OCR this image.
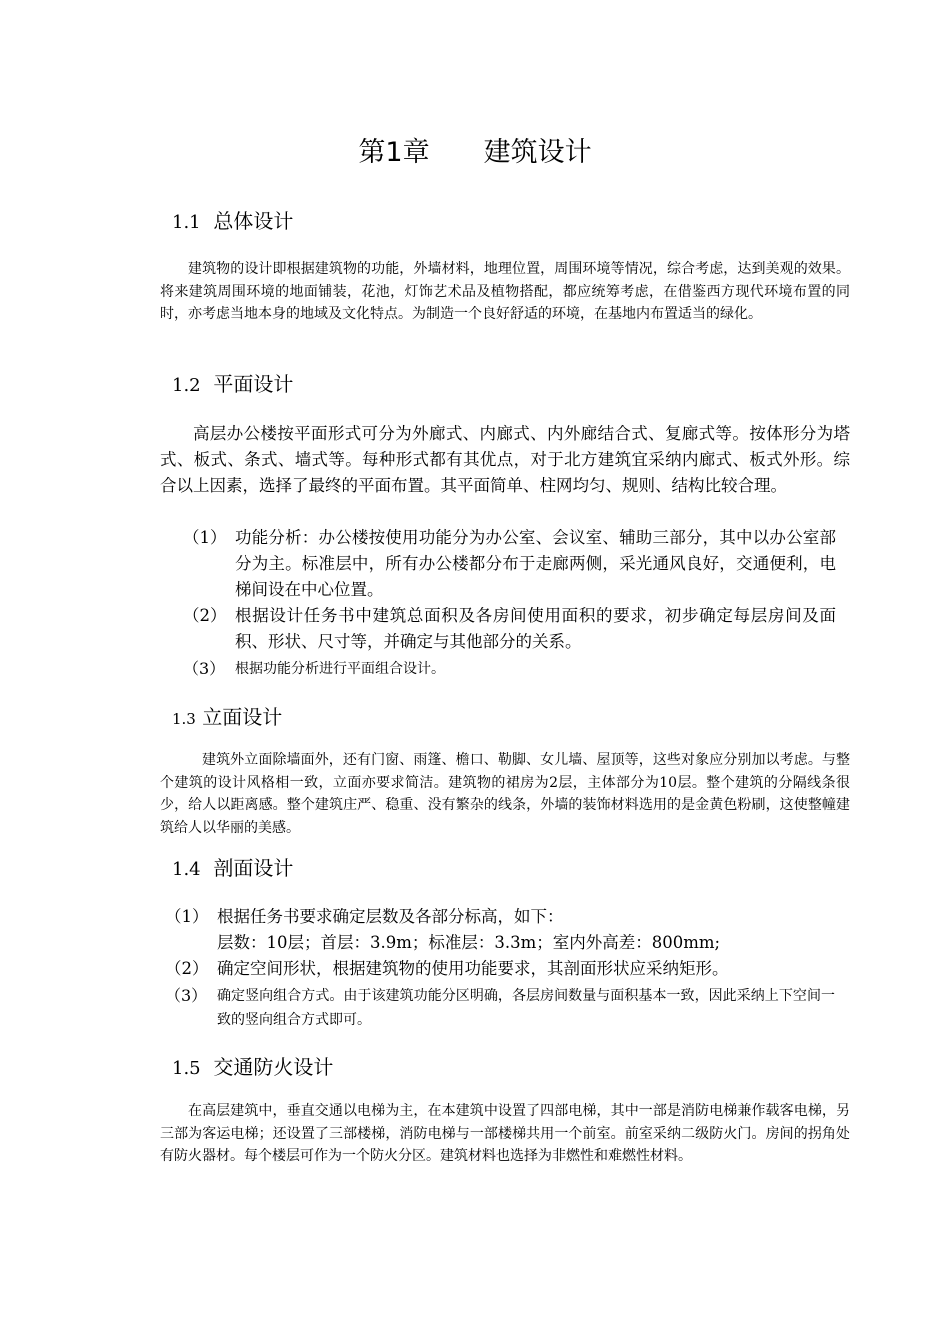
第1章　　建筑设计
1.1 总体设计
建筑物的设计即根据建筑物的功能，外墙材料，地理位置，周围环境等情况，综合考虑，达到美观的效果。将来建筑周围环境的地面铺装，花池，灯饰艺术品及植物搭配，都应统筹考虑，在借鉴西方现代环境布置的同时，亦考虑当地本身的地域及文化特点。为制造一个良好舒适的环境，在基地内布置适当的绿化。
1.2 平面设计
高层办公楼按平面形式可分为外廊式、内廊式、内外廊结合式、复廊式等。按体形分为塔式、板式、条式、墙式等。每种形式都有其优点，对于北方建筑宜采纳内廊式、板式外形。综合以上因素，选择了最终的平面布置。其平面简单、柱网均匀、规则、结构比较合理。
（1） 功能分析：办公楼按使用功能分为办公室、会议室、辅助三部分，其中以办公室部分为主。标准层中，所有办公楼都分布于走廊两侧，采光通风良好，交通便利，电梯间设在中心位置。
（2） 根据设计任务书中建筑总面积及各房间使用面积的要求，初步确定每层房间及面积、形状、尺寸等，并确定与其他部分的关系。
（3） 根据功能分析进行平面组合设计。
1.3 立面设计
建筑外立面除墙面外，还有门窗、雨篷、檐口、勒脚、女儿墙、屋顶等，这些对象应分别加以考虑。与整个建筑的设计风格相一致，立面亦要求简洁。建筑物的裙房为2层，主体部分为10层。整个建筑的分隔线条很少，给人以距离感。整个建筑庄严、稳重、没有繁杂的线条，外墙的装饰材料选用的是金黄色粉刷，这使整幢建筑给人以华丽的美感。
1.4 剖面设计
（1） 根据任务书要求确定层数及各部分标高，如下：
层数：10层；首层：3.9m；标准层：3.3m；室内外高差：800mm;
（2） 确定空间形状，根据建筑物的使用功能要求，其剖面形状应采纳矩形。
（3） 确定竖向组合方式。由于该建筑功能分区明确，各层房间数量与面积基本一致，因此采纳上下空间一致的竖向组合方式即可。
1.5 交通防火设计
在高层建筑中，垂直交通以电梯为主，在本建筑中设置了四部电梯，其中一部是消防电梯兼作载客电梯，另三部为客运电梯；还设置了三部楼梯，消防电梯与一部楼梯共用一个前室。前室采纳二级防火门。房间的拐角处有防火器材。每个楼层可作为一个防火分区。建筑材料也选择为非燃性和难燃性材料。
